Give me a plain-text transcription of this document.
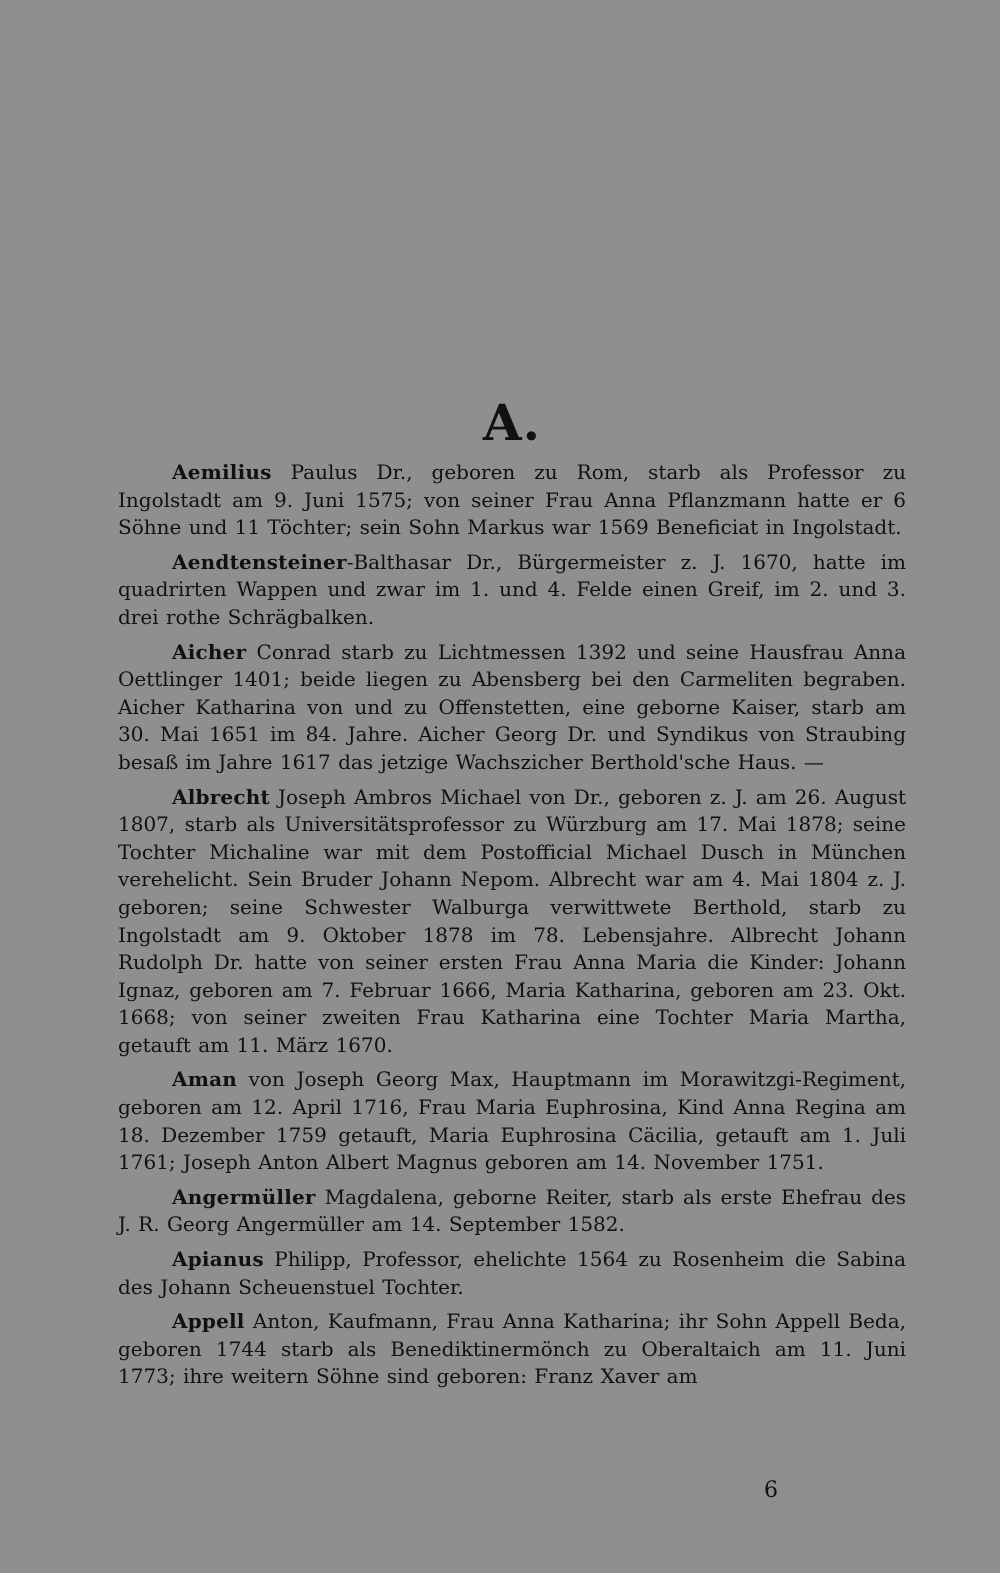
A.

Aemilius Paulus Dr., geboren zu Rom, starb als Professor zu Ingolstadt am 9. Juni 1575; von seiner Frau Anna Pflanzmann hatte er 6 Söhne und 11 Töchter; sein Sohn Markus war 1569 Beneficiat in Ingolstadt.

Aendtensteiner-Balthasar Dr., Bürgermeister z. J. 1670, hatte im quadrirten Wappen und zwar im 1. und 4. Felde einen Greif, im 2. und 3. drei rothe Schrägbalken.

Aicher Conrad starb zu Lichtmessen 1392 und seine Hausfrau Anna Oettlinger 1401; beide liegen zu Abensberg bei den Carmeliten begraben. Aicher Katharina von und zu Offenstetten, eine geborne Kaiser, starb am 30. Mai 1651 im 84. Jahre. Aicher Georg Dr. und Syndikus von Straubing besaß im Jahre 1617 das jetzige Wachszicher Berthold'sche Haus. —

Albrecht Joseph Ambros Michael von Dr., geboren z. J. am 26. August 1807, starb als Universitätsprofessor zu Würzburg am 17. Mai 1878; seine Tochter Michaline war mit dem Postofficial Michael Dusch in München verehelicht. Sein Bruder Johann Nepom. Albrecht war am 4. Mai 1804 z. J. geboren; seine Schwester Walburga verwittwete Berthold, starb zu Ingolstadt am 9. Oktober 1878 im 78. Lebensjahre. Albrecht Johann Rudolph Dr. hatte von seiner ersten Frau Anna Maria die Kinder: Johann Ignaz, geboren am 7. Februar 1666, Maria Katharina, geboren am 23. Okt. 1668; von seiner zweiten Frau Katharina eine Tochter Maria Martha, getauft am 11. März 1670.

Aman von Joseph Georg Max, Hauptmann im Morawitzgi-Regiment, geboren am 12. April 1716, Frau Maria Euphrosina, Kind Anna Regina am 18. Dezember 1759 getauft, Maria Euphrosina Cäcilia, getauft am 1. Juli 1761; Joseph Anton Albert Magnus geboren am 14. November 1751.

Angermüller Magdalena, geborne Reiter, starb als erste Ehefrau des J. R. Georg Angermüller am 14. September 1582.

Apianus Philipp, Professor, ehelichte 1564 zu Rosenheim die Sabina des Johann Scheuenstuel Tochter.

Appell Anton, Kaufmann, Frau Anna Katharina; ihr Sohn Appell Beda, geboren 1744 starb als Benediktinermönch zu Oberaltaich am 11. Juni 1773; ihre weitern Söhne sind geboren: Franz Xaver am

6
